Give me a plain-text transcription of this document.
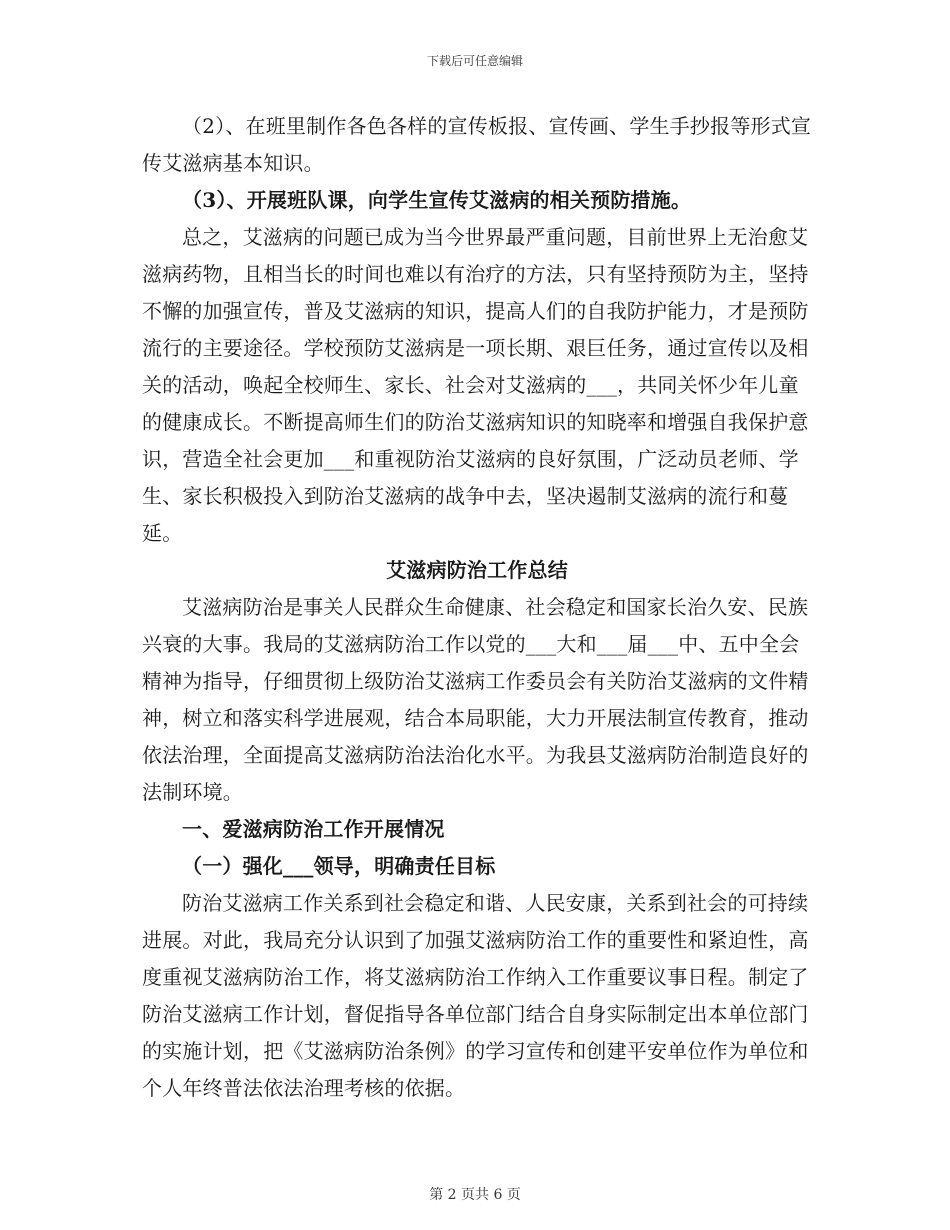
下载后可任意编辑

（2）、在班里制作各色各样的宣传板报、宣传画、学生手抄报等形式宣传艾滋病基本知识。

（3）、开展班队课，向学生宣传艾滋病的相关预防措施。

总之，艾滋病的问题已成为当今世界最严重问题，目前世界上无治愈艾滋病药物，且相当长的时间也难以有治疗的方法，只有坚持预防为主，坚持不懈的加强宣传，普及艾滋病的知识，提高人们的自我防护能力，才是预防流行的主要途径。学校预防艾滋病是一项长期、艰巨任务，通过宣传以及相关的活动，唤起全校师生、家长、社会对艾滋病的___，共同关怀少年儿童的健康成长。不断提高师生们的防治艾滋病知识的知晓率和增强自我保护意识，营造全社会更加___和重视防治艾滋病的良好氛围，广泛动员老师、学生、家长积极投入到防治艾滋病的战争中去，坚决遏制艾滋病的流行和蔓延。

艾滋病防治工作总结

艾滋病防治是事关人民群众生命健康、社会稳定和国家长治久安、民族兴衰的大事。我局的艾滋病防治工作以党的___大和___届___中、五中全会精神为指导，仔细贯彻上级防治艾滋病工作委员会有关防治艾滋病的文件精神，树立和落实科学进展观，结合本局职能，大力开展法制宣传教育，推动依法治理，全面提高艾滋病防治法治化水平。为我县艾滋病防治制造良好的法制环境。

一、爱滋病防治工作开展情况

（一）强化___领导，明确责任目标

防治艾滋病工作关系到社会稳定和谐、人民安康，关系到社会的可持续进展。对此，我局充分认识到了加强艾滋病防治工作的重要性和紧迫性，高度重视艾滋病防治工作，将艾滋病防治工作纳入工作重要议事日程。制定了防治艾滋病工作计划，督促指导各单位部门结合自身实际制定出本单位部门的实施计划，把《艾滋病防治条例》的学习宣传和创建平安单位作为单位和个人年终普法依法治理考核的依据。

第 2 页共 6 页
